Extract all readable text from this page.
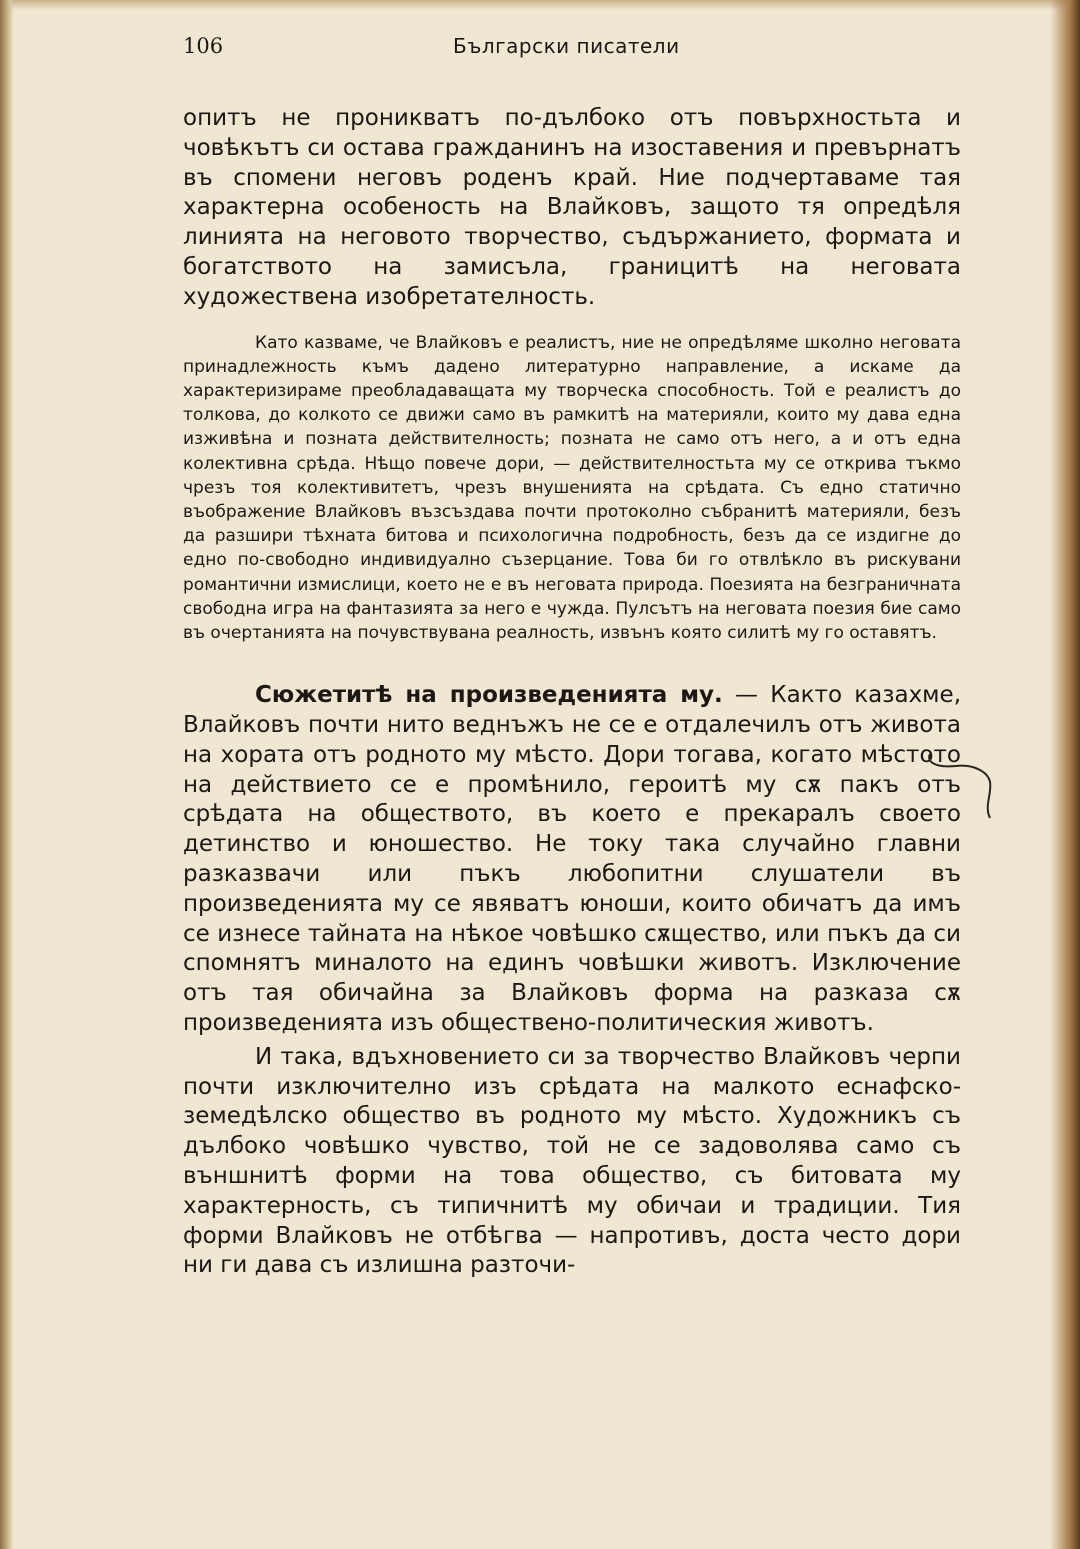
106	Български писатели

опитъ не проникватъ по-дълбоко отъ повърхностьта и човѣкътъ си остава гражданинъ на изоставения и превърнатъ въ спомени неговъ роденъ край. Ние подчертаваме тая характерна особеность на Влайковъ, защото тя опредѣля линията на неговото творчество, съдържанието, формата и богатството на замисъла, границитѣ на неговата художествена изобретателность.

Като казваме, че Влайковъ е реалистъ, ние не опредѣляме школно неговата принадлежность къмъ дадено литературно направление, а искаме да характеризираме преобладаващата му творческа способность. Той е реалистъ до толкова, до колкото се движи само въ рамкитѣ на материяли, които му дава една изживѣна и позната действителность; позната не само отъ него, а и отъ една колективна срѣда. Нѣщо повече дори, — действителностьта му се открива тъкмо чрезъ тоя колективитетъ, чрезъ внушенията на срѣдата. Съ едно статично въображение Влайковъ възсъздава почти протоколно събранитѣ материяли, безъ да разшири тѣхната битова и психологична подробность, безъ да се издигне до едно по-свободно индивидуално съзерцание. Това би го отвлѣкло въ рискувани романтични измислици, което не е въ неговата природа. Поезията на безграничната свободна игра на фантазията за него е чужда. Пулсътъ на неговата поезия бие само въ очертанията на почувствувана реалность, извънъ която силитѣ му го оставятъ.

Сюжетитѣ на произведенията му. — Както казахме, Влайковъ почти нито веднъжъ не се е отдалечилъ отъ живота на хората отъ родното му мѣсто. Дори тогава, когато мѣстото на действието се е промѣнило, героитѣ му сѫ пакъ отъ срѣдата на обществото, въ което е прекаралъ своето детинство и юношество. Не току така случайно главни разказвачи или пъкъ любопитни слушатели въ произведенията му се явяватъ юноши, които обичатъ да имъ се изнесе тайната на нѣкое човѣшко сѫщество, или пъкъ да си спомнятъ миналото на единъ човѣшки животъ. Изключение отъ тая обичайна за Влайковъ форма на разказа сѫ произведенията изъ обществено-политическия животъ.

И така, вдъхновението си за творчество Влайковъ черпи почти изключително изъ срѣдата на малкото еснафско-земедѣлско общество въ родното му мѣсто. Художникъ съ дълбоко човѣшко чувство, той не се задоволява само съ външнитѣ форми на това общество, съ битовата му характерность, съ типичнитѣ му обичаи и традиции. Тия форми Влайковъ не отбѣгва — напротивъ, доста често дори ни ги дава съ излишна разточи-
